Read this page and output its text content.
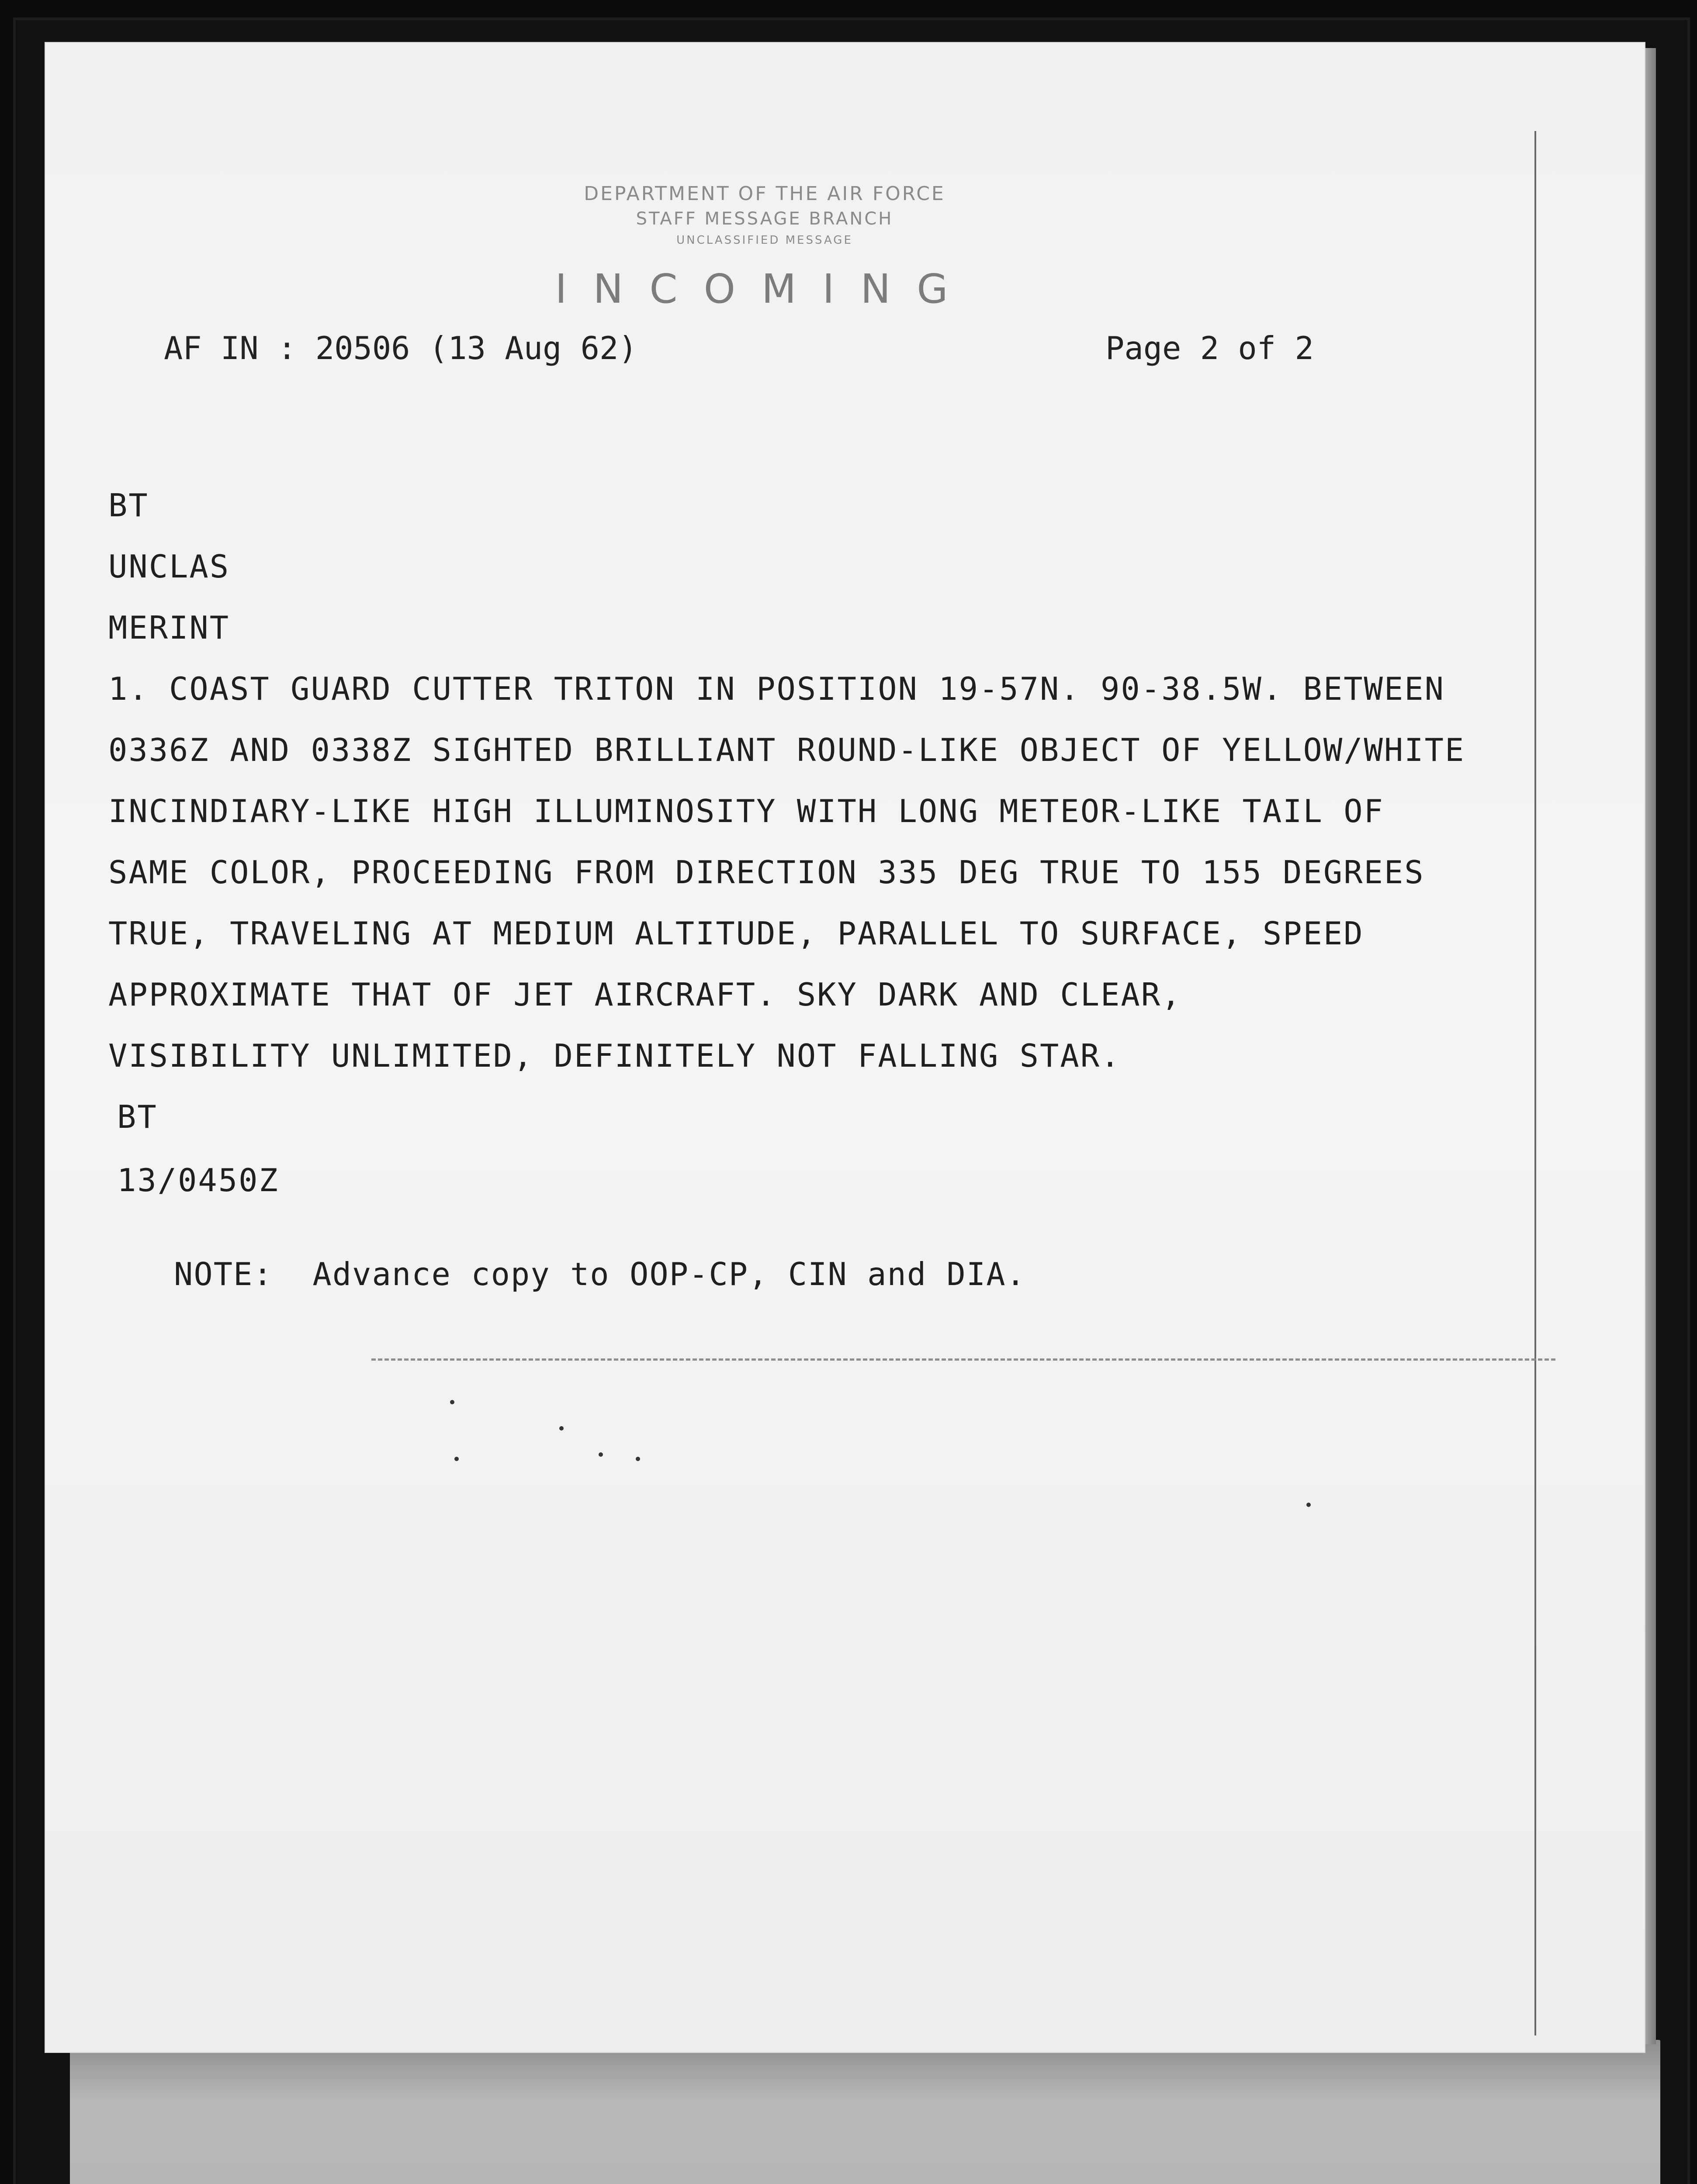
DEPARTMENT OF THE AIR FORCE
STAFF MESSAGE BRANCH
UNCLASSIFIED MESSAGE
INCOMING
AF IN : 20506 (13 Aug 62)	Page 2 of 2
BT
UNCLAS
MERINT
1. COAST GUARD CUTTER TRITON IN POSITION 19-57N. 90-38.5W. BETWEEN
0336Z AND 0338Z SIGHTED BRILLIANT ROUND-LIKE OBJECT OF YELLOW/WHITE
INCINDIARY-LIKE HIGH ILLUMINOSITY WITH LONG METEOR-LIKE TAIL OF
SAME COLOR, PROCEEDING FROM DIRECTION 335 DEG TRUE TO 155 DEGREES
TRUE, TRAVELING AT MEDIUM ALTITUDE, PARALLEL TO SURFACE, SPEED
APPROXIMATE THAT OF JET AIRCRAFT. SKY DARK AND CLEAR,
VISIBILITY UNLIMITED, DEFINITELY NOT FALLING STAR.
BT
13/0450Z
NOTE:  Advance copy to OOP-CP, CIN and DIA.
